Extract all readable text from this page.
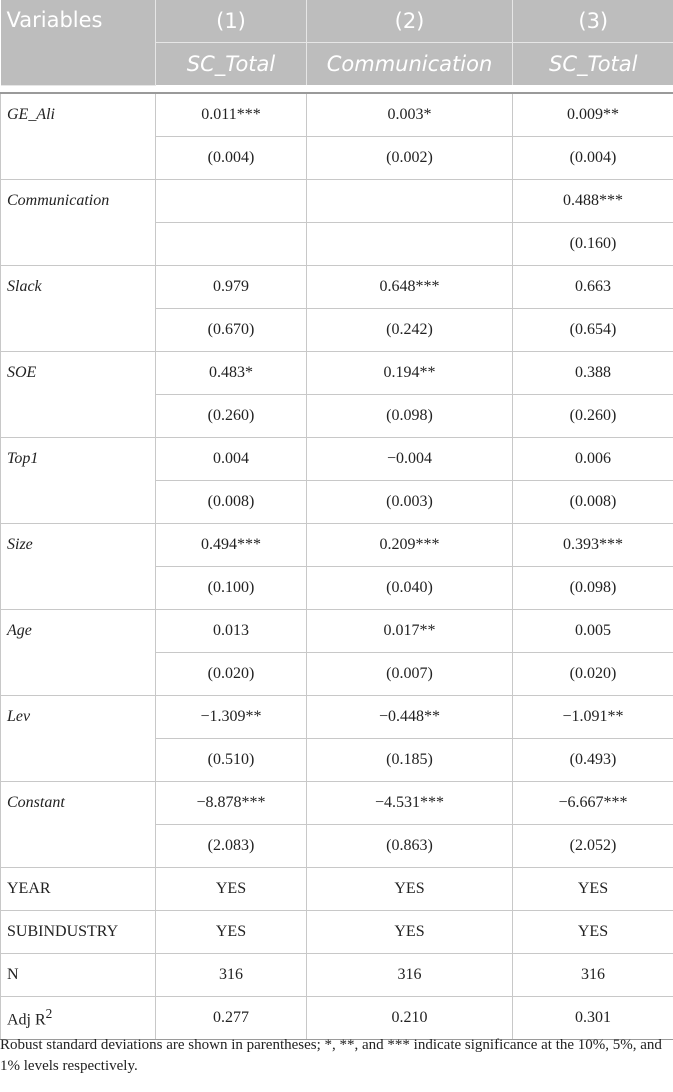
Variables	(1)	(2)	(3)
	SC_Total	Communication	SC_Total

GE_Ali	0.011***	0.003*	0.009**
	(0.004)	(0.002)	(0.004)
Communication			0.488***
			(0.160)
Slack	0.979	0.648***	0.663
	(0.670)	(0.242)	(0.654)
SOE	0.483*	0.194**	0.388
	(0.260)	(0.098)	(0.260)
Top1	0.004	−0.004	0.006
	(0.008)	(0.003)	(0.008)
Size	0.494***	0.209***	0.393***
	(0.100)	(0.040)	(0.098)
Age	0.013	0.017**	0.005
	(0.020)	(0.007)	(0.020)
Lev	−1.309**	−0.448**	−1.091**
	(0.510)	(0.185)	(0.493)
Constant	−8.878***	−4.531***	−6.667***
	(2.083)	(0.863)	(2.052)
YEAR	YES	YES	YES
SUBINDUSTRY	YES	YES	YES
N	316	316	316
Adj $R^2$	0.277	0.210	0.301

Robust standard deviations are shown in parentheses; *, **, and *** indicate significance at the 10%, 5%, and 1% levels respectively.
